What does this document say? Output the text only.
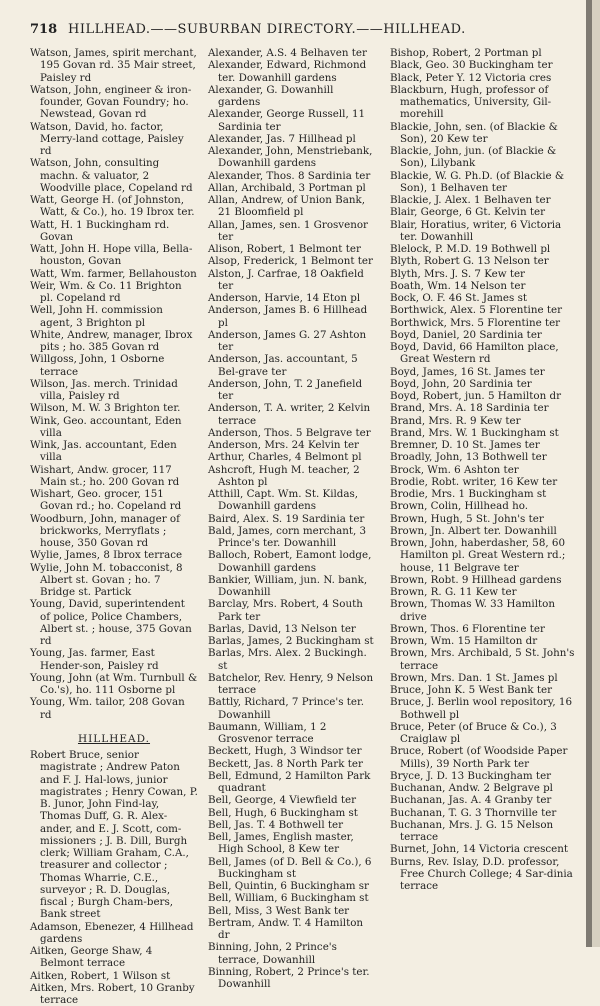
718 HILLHEAD.——SUBURBAN DIRECTORY.——HILLHEAD.

Watson, James, spirit merchant, 195 Govan rd. 35 Mair street, Paisley rd

Watson, John, engineer & iron-founder, Govan Foundry; ho. Newstead, Govan rd

Watson, David, ho. factor, Merry-land cottage, Paisley rd

Watson, John, consulting machn. & valuator, 2 Woodville place, Copeland rd

Watt, George H. (of Johnston, Watt, & Co.), ho. 19 Ibrox ter.

Watt, H. 1 Buckingham rd. Govan

Watt, John H. Hope villa, Bella-houston, Govan

Watt, Wm. farmer, Bellahouston

Weir, Wm. & Co. 11 Brighton pl. Copeland rd

Well, John H. commission agent, 3 Brighton pl

White, Andrew, manager, Ibrox pits ; ho. 385 Govan rd

Willgoss, John, 1 Osborne terrace

Wilson, Jas. merch. Trinidad villa, Paisley rd

Wilson, M. W. 3 Brighton ter.

Wink, Geo. accountant, Eden villa

Wink, Jas. accountant, Eden villa

Wishart, Andw. grocer, 117 Main st.; ho. 200 Govan rd

Wishart, Geo. grocer, 151 Govan rd.; ho. Copeland rd

Woodburn, John, manager of brickworks, Merryflats ; house, 350 Govan rd

Wylie, James, 8 Ibrox terrace

Wylie, John M. tobacconist, 8 Albert st. Govan ; ho. 7 Bridge st. Partick

Young, David, superintendent of police, Police Chambers, Albert st. ; house, 375 Govan rd

Young, Jas. farmer, East Hender-son, Paisley rd

Young, John (at Wm. Turnbull & Co.'s), ho. 111 Osborne pl

Young, Wm. tailor, 208 Govan rd

HILLHEAD.

Robert Bruce, senior magistrate ; Andrew Paton and F. J. Hal-lows, junior magistrates ; Henry Cowan, P. B. Junor, John Find-lay, Thomas Duff, G. R. Alex-ander, and E. J. Scott, com-missioners ; J. B. Dill, Burgh clerk; William Graham, C.A., treasurer and collector ; Thomas Wharrie, C.E., surveyor ; R. D. Douglas, fiscal ; Burgh Cham-bers, Bank street

Adamson, Ebenezer, 4 Hillhead gardens

Aitken, George Shaw, 4 Belmont terrace

Aitken, Robert, 1 Wilson st

Aitken, Mrs. Robert, 10 Granby terrace

Alexander, A.S. 4 Belhaven ter

Alexander, Edward, Richmond ter. Dowanhill gardens

Alexander, G. Dowanhill gardens

Alexander, George Russell, 11 Sardinia ter

Alexander, Jas. 7 Hillhead pl

Alexander, John, Menstriebank, Dowanhill gardens

Alexander, Thos. 8 Sardinia ter

Allan, Archibald, 3 Portman pl

Allan, Andrew, of Union Bank, 21 Bloomfield pl

Allan, James, sen. 1 Grosvenor ter

Alison, Robert, 1 Belmont ter

Alsop, Frederick, 1 Belmont ter

Alston, J. Carfrae, 18 Oakfield ter

Anderson, Harvie, 14 Eton pl

Anderson, James B. 6 Hillhead pl

Anderson, James G. 27 Ashton ter

Anderson, Jas. accountant, 5 Bel-grave ter

Anderson, John, T. 2 Janefield ter

Anderson, T. A. writer, 2 Kelvin terrace

Anderson, Thos. 5 Belgrave ter

Anderson, Mrs. 24 Kelvin ter

Arthur, Charles, 4 Belmont pl

Ashcroft, Hugh M. teacher, 2 Ashton pl

Atthill, Capt. Wm. St. Kildas, Dowanhill gardens

Baird, Alex. S. 19 Sardinia ter

Bald, James, corn merchant, 3 Prince's ter. Dowanhill

Balloch, Robert, Eamont lodge, Dowanhill gardens

Bankier, William, jun. N. bank, Dowanhill

Barclay, Mrs. Robert, 4 South Park ter

Barlas, David, 13 Nelson ter

Barlas, James, 2 Buckingham st

Barlas, Mrs. Alex. 2 Buckingh. st

Batchelor, Rev. Henry, 9 Nelson terrace

Battly, Richard, 7 Prince's ter. Dowanhill

Baumann, William, 1 2 Grosvenor terrace

Beckett, Hugh, 3 Windsor ter

Beckett, Jas. 8 North Park ter

Bell, Edmund, 2 Hamilton Park quadrant

Bell, George, 4 Viewfield ter

Bell, Hugh, 6 Buckingham st

Bell, Jas. T. 4 Bothwell ter

Bell, James, English master, High School, 8 Kew ter

Bell, James (of D. Bell & Co.), 6 Buckingham st

Bell, Quintin, 6 Buckingham sr

Bell, William, 6 Buckingham st

Bell, Miss, 3 West Bank ter

Bertram, Andw. T. 4 Hamilton dr

Binning, John, 2 Prince's terrace, Dowanhill

Binning, Robert, 2 Prince's ter. Dowanhill

Bishop, Robert, 2 Portman pl

Black, Geo. 30 Buckingham ter

Black, Peter Y. 12 Victoria cres

Blackburn, Hugh, professor of mathematics, University, Gil-morehill

Blackie, John, sen. (of Blackie & Son), 20 Kew ter

Blackie, John, jun. (of Blackie & Son), Lilybank

Blackie, W. G. Ph.D. (of Blackie & Son), 1 Belhaven ter

Blackie, J. Alex. 1 Belhaven ter

Blair, George, 6 Gt. Kelvin ter

Blair, Horatius, writer, 6 Victoria ter. Dowanhill

Blelock, P. M.D. 19 Bothwell pl

Blyth, Robert G. 13 Nelson ter

Blyth, Mrs. J. S. 7 Kew ter

Boath, Wm. 14 Nelson ter

Bock, O. F. 46 St. James st

Borthwick, Alex. 5 Florentine ter

Borthwick, Mrs. 5 Florentine ter

Boyd, Daniel, 20 Sardinia ter

Boyd, David, 66 Hamilton place, Great Western rd

Boyd, James, 16 St. James ter

Boyd, John, 20 Sardinia ter

Boyd, Robert, jun. 5 Hamilton dr

Brand, Mrs. A. 18 Sardinia ter

Brand, Mrs. R. 9 Kew ter

Brand, Mrs. W. 1 Buckingham st

Bremner, D. 10 St. James ter

Broadly, John, 13 Bothwell ter

Brock, Wm. 6 Ashton ter

Brodie, Robt. writer, 16 Kew ter

Brodie, Mrs. 1 Buckingham st

Brown, Colin, Hillhead ho.

Brown, Hugh, 5 St. John's ter

Brown, Jn. Albert ter. Dowanhill

Brown, John, haberdasher, 58, 60 Hamilton pl. Great Western rd.; house, 11 Belgrave ter

Brown, Robt. 9 Hillhead gardens

Brown, R. G. 11 Kew ter

Brown, Thomas W. 33 Hamilton drive

Brown, Thos. 6 Florentine ter

Brown, Wm. 15 Hamilton dr

Brown, Mrs. Archibald, 5 St. John's terrace

Brown, Mrs. Dan. 1 St. James pl

Bruce, John K. 5 West Bank ter

Bruce, J. Berlin wool repository, 16 Bothwell pl

Bruce, Peter (of Bruce & Co.), 3 Craiglaw pl

Bruce, Robert (of Woodside Paper Mills), 39 North Park ter

Bryce, J. D. 13 Buckingham ter

Buchanan, Andw. 2 Belgrave pl

Buchanan, Jas. A. 4 Granby ter

Buchanan, T. G. 3 Thornville ter

Buchanan, Mrs. J. G. 15 Nelson terrace

Burnet, John, 14 Victoria crescent

Burns, Rev. Islay, D.D. professor, Free Church College; 4 Sar-dinia terrace
